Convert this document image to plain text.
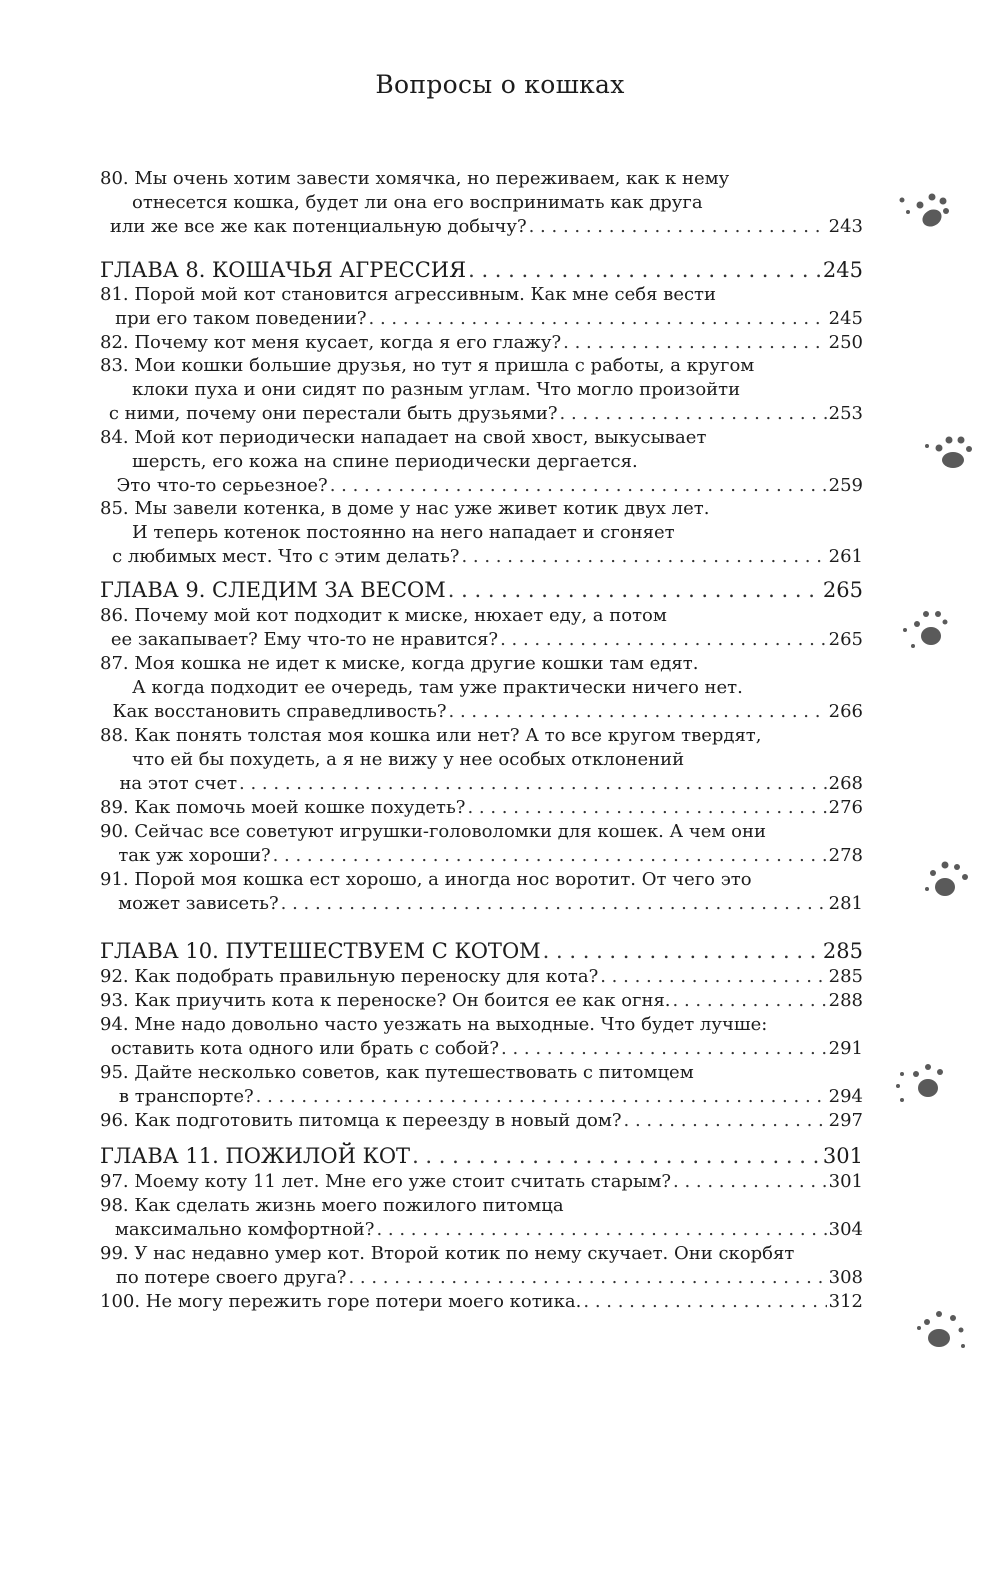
Вопросы о кошках
80. Мы очень хотим завести хомячка, но переживаем, как к нему
отнесется кошка, будет ли она его воспринимать как друга
или же все же как потенциальную добычу? . . .	243
ГЛАВА 8. КОШАЧЬЯ АГРЕССИЯ . . .	245
81. Порой мой кот становится агрессивным. Как мне себя вести
при его таком поведении? . . .	245
82. Почему кот меня кусает, когда я его глажу? . . .	250
83. Мои кошки большие друзья, но тут я пришла с работы, а кругом
клоки пуха и они сидят по разным углам. Что могло произойти
с ними, почему они перестали быть друзьями? . . .	253
84. Мой кот периодически нападает на свой хвост, выкусывает
шерсть, его кожа на спине периодически дергается.
Это что-то серьезное? . . .	259
85. Мы завели котенка, в доме у нас уже живет котик двух лет.
И теперь котенок постоянно на него нападает и сгоняет
с любимых мест. Что с этим делать? . . .	261
ГЛАВА 9. СЛЕДИМ ЗА ВЕСОМ . . .	265
86. Почему мой кот подходит к миске, нюхает еду, а потом
ее закапывает? Ему что-то не нравится? . . .	265
87. Моя кошка не идет к миске, когда другие кошки там едят.
А когда подходит ее очередь, там уже практически ничего нет.
Как восстановить справедливость? . . .	266
88. Как понять толстая моя кошка или нет? А то все кругом твердят,
что ей бы похудеть, а я не вижу у нее особых отклонений
на этот счет . . .	268
89. Как помочь моей кошке похудеть? . . .	276
90. Сейчас все советуют игрушки-головоломки для кошек. А чем они
так уж хороши? . . .	278
91. Порой моя кошка ест хорошо, а иногда нос воротит. От чего это
может зависеть? . . .	281
ГЛАВА 10. ПУТЕШЕСТВУЕМ С КОТОМ . . .	285
92. Как подобрать правильную переноску для кота? . . .	285
93. Как приучить кота к переноске? Он боится ее как огня. . . .	288
94. Мне надо довольно часто уезжать на выходные. Что будет лучше:
оставить кота одного или брать с собой? . . .	291
95. Дайте несколько советов, как путешествовать с питомцем
в транспорте? . . .	294
96. Как подготовить питомца к переезду в новый дом? . . .	297
ГЛАВА 11. ПОЖИЛОЙ КОТ . . .	301
97. Моему коту 11 лет. Мне его уже стоит считать старым? . . .	301
98. Как сделать жизнь моего пожилого питомца
максимально комфортной? . . .	304
99. У нас недавно умер кот. Второй котик по нему скучает. Они скорбят
по потере своего друга? . . .	308
100. Не могу пережить горе потери моего котика. . . .	312
